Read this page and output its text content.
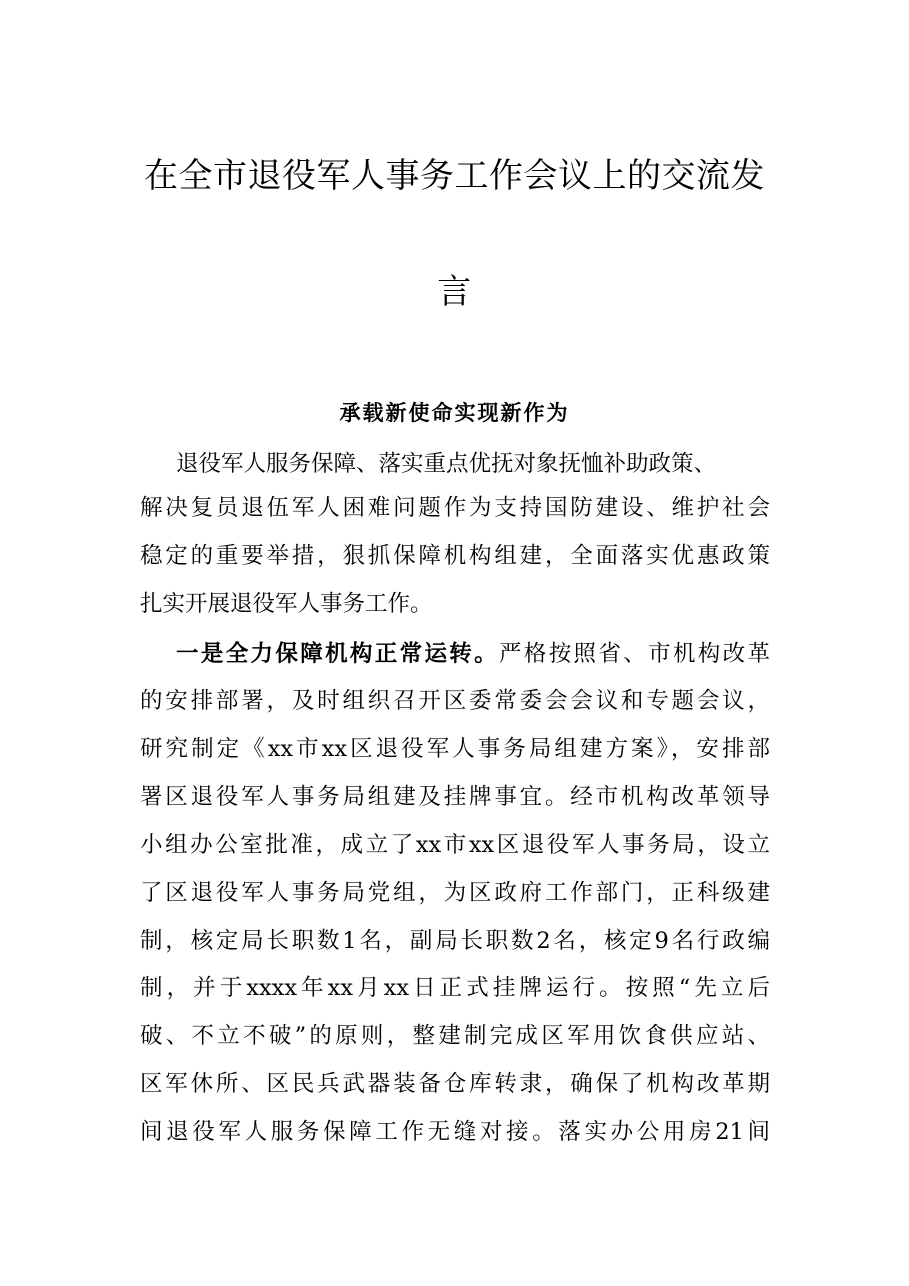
在全市退役军人事务工作会议上的交流发
言
承载新使命实现新作为
退役军人服务保障、落实重点优抚对象抚恤补助政策、
解决复员退伍军人困难问题作为支持国防建设、维护社会
稳定的重要举措，狠抓保障机构组建，全面落实优惠政策
扎实开展退役军人事务工作。
一是全力保障机构正常运转。严格按照省、市机构改革
的安排部署，及时组织召开区委常委会会议和专题会议，
研究制定《xx市xx区退役军人事务局组建方案》，安排部
署区退役军人事务局组建及挂牌事宜。经市机构改革领导
小组办公室批准，成立了xx市xx区退役军人事务局，设立
了区退役军人事务局党组，为区政府工作部门，正科级建
制，核定局长职数1名，副局长职数2名，核定9名行政编
制，并于xxxx年xx月xx日正式挂牌运行。按照“先立后
破、不立不破”的原则，整建制完成区军用饮食供应站、
区军休所、区民兵武器装备仓库转隶，确保了机构改革期
间退役军人服务保障工作无缝对接。落实办公用房21间
